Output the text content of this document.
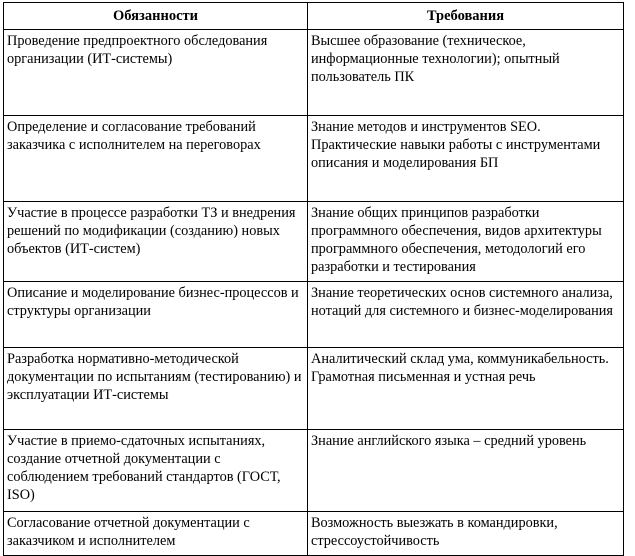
Обязанности	Требования
Проведение предпроектного обследования организации (ИТ-системы)	Высшее образование (техническое, информационные технологии); опытный пользователь ПК
Определение и согласование требований заказчика с исполнителем на переговорах	Знание методов и инструментов SEO. Практические навыки работы с инструментами описания и моделирования БП
Участие в процессе разработки ТЗ и внедрения решений по модификации (созданию) новых объектов (ИТ-систем)	Знание общих принципов разработки программного обеспечения, видов архитектуры программного обеспечения, методологий его разработки и тестирования
Описание и моделирование бизнес-процессов и структуры организации	Знание теоретических основ системного анализа, нотаций для системного и бизнес-моделирования
Разработка нормативно-методической документации по испытаниям (тестированию) и эксплуатации ИТ-системы	Аналитический склад ума, коммуникабельность. Грамотная письменная и устная речь
Участие в приемо-сдаточных испытаниях, создание отчетной документации с соблюдением требований стандартов (ГОСТ, ISO)	Знание английского языка – средний уровень
Согласование отчетной документации с заказчиком и исполнителем	Возможность выезжать в командировки, стрессоустойчивость
